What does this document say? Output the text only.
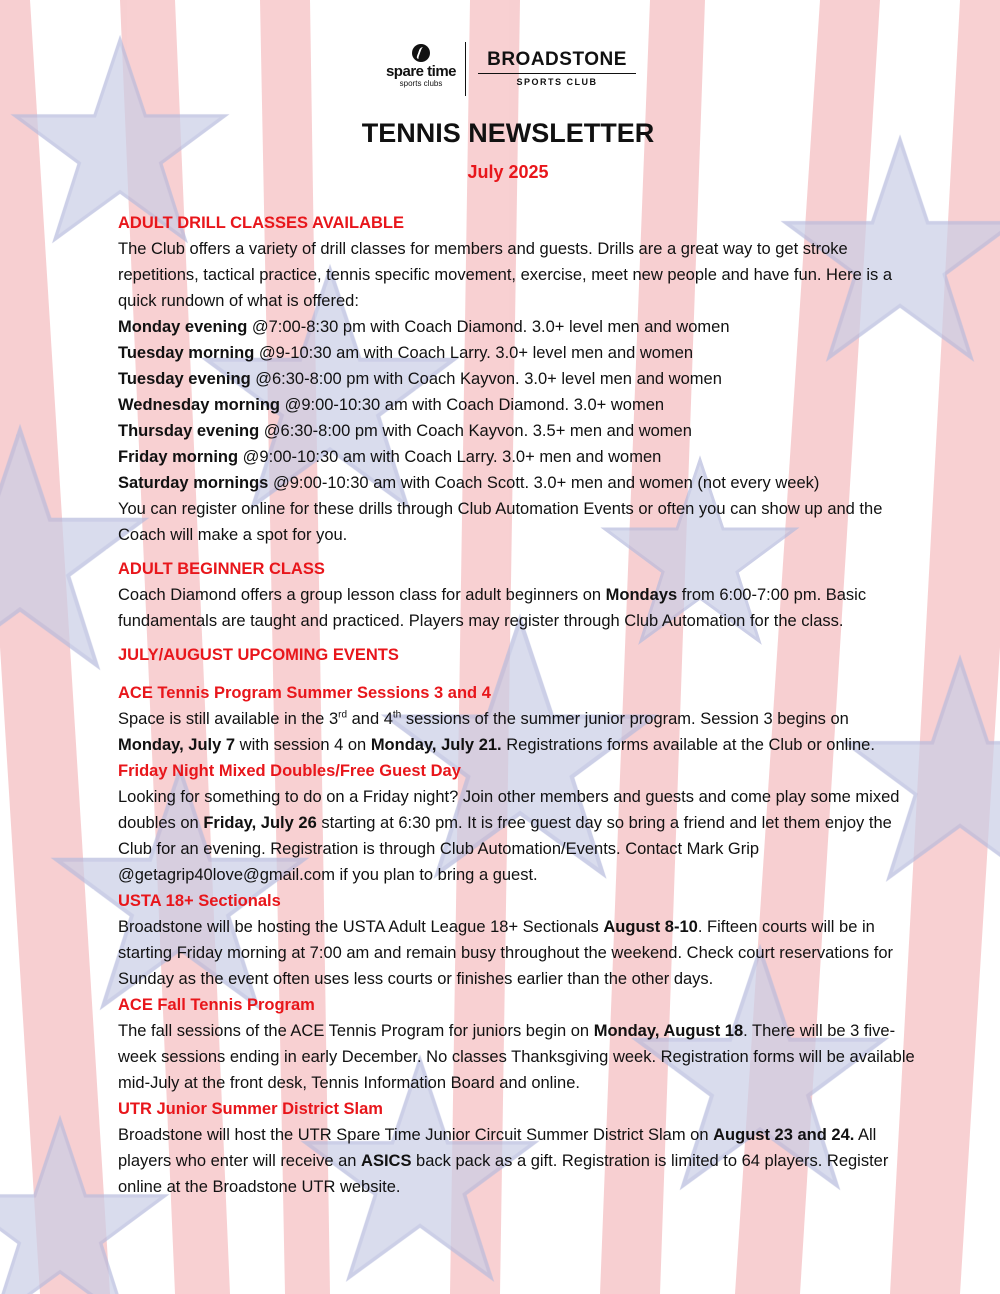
spare time
sports clubs
BROADSTONE
SPORTS CLUB
TENNIS NEWSLETTER
July 2025

ADULT DRILL CLASSES AVAILABLE

The Club offers a variety of drill classes for members and guests. Drills are a great way to get stroke repetitions, tactical practice, tennis specific movement, exercise, meet new people and have fun. Here is a quick rundown of what is offered:

Monday evening @7:00-8:30 pm with Coach Diamond. 3.0+ level men and women

Tuesday morning @9-10:30 am with Coach Larry. 3.0+ level men and women

Tuesday evening @6:30-8:00 pm with Coach Kayvon. 3.0+ level men and women

Wednesday morning @9:00-10:30 am with Coach Diamond. 3.0+ women

Thursday evening @6:30-8:00 pm with Coach Kayvon. 3.5+ men and women

Friday morning @9:00-10:30 am with Coach Larry. 3.0+ men and women

Saturday mornings @9:00-10:30 am with Coach Scott. 3.0+ men and women (not every week)

You can register online for these drills through Club Automation Events or often you can show up and the Coach will make a spot for you.

ADULT BEGINNER CLASS

Coach Diamond offers a group lesson class for adult beginners on Mondays from 6:00-7:00 pm. Basic fundamentals are taught and practiced. Players may register through Club Automation for the class.

JULY/AUGUST UPCOMING EVENTS

ACE Tennis Program Summer Sessions 3 and 4

Space is still available in the 3rd and 4th sessions of the summer junior program. Session 3 begins on Monday, July 7 with session 4 on Monday, July 21. Registrations forms available at the Club or online.

Friday Night Mixed Doubles/Free Guest Day

Looking for something to do on a Friday night? Join other members and guests and come play some mixed doubles on Friday, July 26 starting at 6:30 pm. It is free guest day so bring a friend and let them enjoy the Club for an evening. Registration is through Club Automation/Events. Contact Mark Grip @getagrip40love@gmail.com if you plan to bring a guest.

USTA 18+ Sectionals

Broadstone will be hosting the USTA Adult League 18+ Sectionals August 8-10. Fifteen courts will be in starting Friday morning at 7:00 am and remain busy throughout the weekend. Check court reservations for Sunday as the event often uses less courts or finishes earlier than the other days.

ACE Fall Tennis Program

The fall sessions of the ACE Tennis Program for juniors begin on Monday, August 18. There will be 3 five-week sessions ending in early December. No classes Thanksgiving week. Registration forms will be available mid-July at the front desk, Tennis Information Board and online.

UTR Junior Summer District Slam

Broadstone will host the UTR Spare Time Junior Circuit Summer District Slam on August 23 and 24. All players who enter will receive an ASICS back pack as a gift. Registration is limited to 64 players. Register online at the Broadstone UTR website.
